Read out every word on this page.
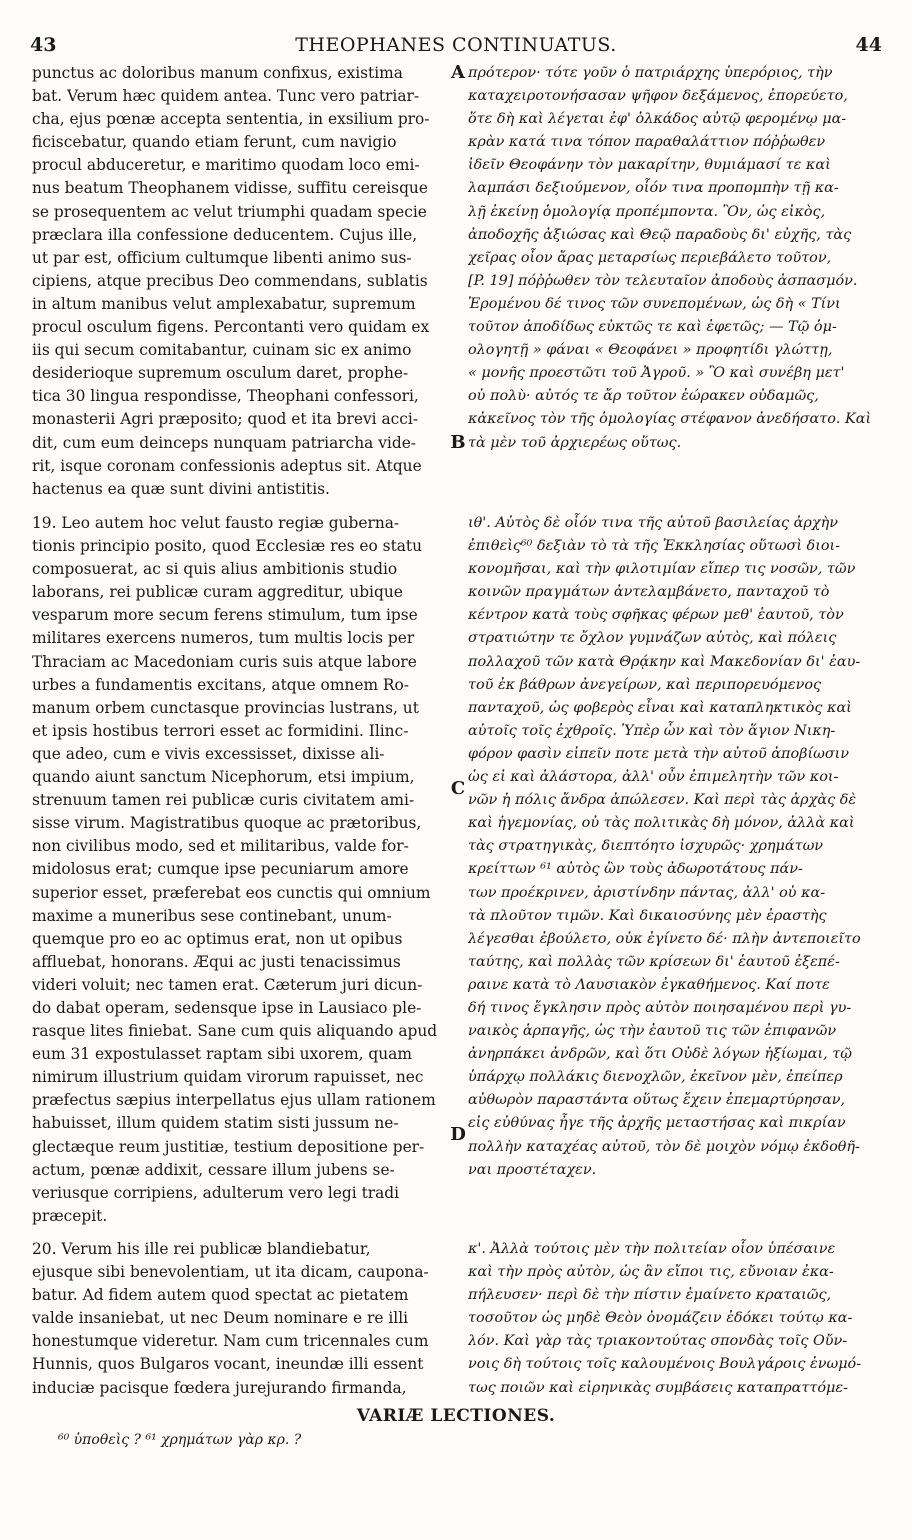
43	THEOPHANES CONTINUATUS.	44
A
B
C
D
punctus ac doloribus manum confixus, existima
bat. Verum hæc quidem antea. Tunc vero patriar-
cha, ejus pœnæ accepta sententia, in exsilium pro-
ficiscebatur, quando etiam ferunt, cum navigio
procul abduceretur, e maritimo quodam loco emi-
nus beatum Theophanem vidisse, suffitu cereisque
se prosequentem ac velut triumphi quadam specie
præclara illa confessione deducentem. Cujus ille,
ut par est, officium cultumque libenti animo sus-
cipiens, atque precibus Deo commendans, sublatis
in altum manibus velut amplexabatur, supremum
procul osculum figens. Percontanti vero quidam ex
iis qui secum comitabantur, cuinam sic ex animo
desiderioque supremum osculum daret, prophe-
tica 30 lingua respondisse, Theophani confessori,
monasterii Agri præposito; quod et ita brevi acci-
dit, cum eum deinceps nunquam patriarcha vide-
rit, isque coronam confessionis adeptus sit. Atque
hactenus ea quæ sunt divini antistitis.
19. Leo autem hoc velut fausto regiæ guberna-
tionis principio posito, quod Ecclesiæ res eo statu
composuerat, ac si quis alius ambitionis studio
laborans, rei publicæ curam aggreditur, ubique
vesparum more secum ferens stimulum, tum ipse
militares exercens numeros, tum multis locis per
Thraciam ac Macedoniam curis suis atque labore
urbes a fundamentis excitans, atque omnem Ro-
manum orbem cunctasque provincias lustrans, ut
et ipsis hostibus terrori esset ac formidini. Ilinc-
que adeo, cum e vivis excessisset, dixisse ali-
quando aiunt sanctum Nicephorum, etsi impium,
strenuum tamen rei publicæ curis civitatem ami-
sisse virum. Magistratibus quoque ac prætoribus,
non civilibus modo, sed et militaribus, valde for-
midolosus erat; cumque ipse pecuniarum amore
superior esset, præferebat eos cunctis qui omnium
maxime a muneribus sese continebant, unum-
quemque pro eo ac optimus erat, non ut opibus
affluebat, honorans. Æqui ac justi tenacissimus
videri voluit; nec tamen erat. Cæterum juri dicun-
do dabat operam, sedensque ipse in Lausiaco ple-
rasque lites finiebat. Sane cum quis aliquando apud
eum 31 expostulasset raptam sibi uxorem, quam
nimirum illustrium quidam virorum rapuisset, nec
præfectus sæpius interpellatus ejus ullam rationem
habuisset, illum quidem statim sisti jussum ne-
glectæque reum justitiæ, testium depositione per-
actum, pœnæ addixit, cessare illum jubens se-
veriusque corripiens, adulterum vero legi tradi
præcepit.
20. Verum his ille rei publicæ blandiebatur,
ejusque sibi benevolentiam, ut ita dicam, caupona-
batur. Ad fidem autem quod spectat ac pietatem
valde insaniebat, ut nec Deum nominare e re illi
honestumque videretur. Nam cum tricennales cum
Hunnis, quos Bulgaros vocant, ineundæ illi essent
induciæ pacisque fœdera jurejurando firmanda,
πρότερον· τότε γοῦν ὁ πατριάρχης ὑπερόριος, τὴν
καταχειροτονήσασαν ψῆφον δεξάμενος, ἐπορεύετο,
ὅτε δὴ καὶ λέγεται ἐφ' ὁλκάδος αὐτῷ φερομένῳ μα-
κρὰν κατά τινα τόπον παραθαλάττιον πόῤῥωθεν
ἰδεῖν Θεοφάνην τὸν μακαρίτην, θυμιάμασί τε καὶ
λαμπάσι δεξιούμενον, οἷόν τινα προπομπὴν τῇ κα-
λῇ ἐκείνῃ ὁμολογίᾳ προπέμποντα. Ὃν, ὡς εἰκὸς,
ἀποδοχῆς ἀξιώσας καὶ Θεῷ παραδοὺς δι' εὐχῆς, τὰς
χεῖρας οἷον ἄρας μεταρσίως περιεβάλετο τοῦτον,
[P. 19] πόῤῥωθεν τὸν τελευταῖον ἀποδοὺς ἀσπασμόν.
Ἐρομένου δέ τινος τῶν συνεπομένων, ὡς δὴ « Τίνι
τοῦτον ἀποδίδως εὐκτῶς τε καὶ ἐφετῶς; — Τῷ ὁμ-
ολογητῇ » φάναι « Θεοφάνει » προφητίδι γλώττῃ,
« μονῆς προεστῶτι τοῦ Ἀγροῦ. » Ὃ καὶ συνέβη μετ'
οὐ πολὺ· αὐτός τε ἄρ τοῦτον ἑώρακεν οὐδαμῶς,
κἀκεῖνος τὸν τῆς ὁμολογίας στέφανον ἀνεδήσατο. Καὶ
τὰ μὲν τοῦ ἀρχιερέως οὕτως.
ιθ'. Αὐτὸς δὲ οἷόν τινα τῆς αὐτοῦ βασιλείας ἀρχὴν
ἐπιθεὶς⁶⁰ δεξιὰν τὸ τὰ τῆς Ἐκκλησίας οὕτωσὶ διοι-
κονομῆσαι, καὶ τὴν φιλοτιμίαν εἴπερ τις νοσῶν, τῶν
κοινῶν πραγμάτων ἀντελαμβάνετο, πανταχοῦ τὸ
κέντρον κατὰ τοὺς σφῆκας φέρων μεθ' ἑαυτοῦ, τὸν
στρατιώτην τε ὄχλον γυμνάζων αὐτὸς, καὶ πόλεις
πολλαχοῦ τῶν κατὰ Θρᾴκην καὶ Μακεδονίαν δι' ἑαυ-
τοῦ ἐκ βάθρων ἀνεγείρων, καὶ περιπορευόμενος
πανταχοῦ, ὡς φοβερὸς εἶναι καὶ καταπληκτικὸς καὶ
αὐτοῖς τοῖς ἐχθροῖς. Ὑπὲρ ὧν καὶ τὸν ἅγιον Νικη-
φόρον φασὶν εἰπεῖν ποτε μετὰ τὴν αὐτοῦ ἀποβίωσιν
ὡς εἰ καὶ ἀλάστορα, ἀλλ' οὖν ἐπιμελητὴν τῶν κοι-
νῶν ἡ πόλις ἄνδρα ἀπώλεσεν. Καὶ περὶ τὰς ἀρχὰς δὲ
καὶ ἡγεμονίας, οὐ τὰς πολιτικὰς δὴ μόνον, ἀλλὰ καὶ
τὰς στρατηγικὰς, διεπτόητο ἰσχυρῶς· χρημάτων
κρείττων ⁶¹ αὐτὸς ὢν τοὺς ἀδωροτάτους πάν-
των προέκρινεν, ἀριστίνδην πάντας, ἀλλ' οὐ κα-
τὰ πλοῦτον τιμῶν. Καὶ δικαιοσύνης μὲν ἐραστὴς
λέγεσθαι ἐβούλετο, οὐκ ἐγίνετο δέ· πλὴν ἀντεποιεῖτο
ταύτης, καὶ πολλὰς τῶν κρίσεων δι' ἑαυτοῦ ἐξεπέ-
ραινε κατὰ τὸ Λαυσιακὸν ἐγκαθήμενος. Καί ποτε
δή τινος ἔγκλησιν πρὸς αὐτὸν ποιησαμένου περὶ γυ-
ναικὸς ἁρπαγῆς, ὡς τὴν ἑαυτοῦ τις τῶν ἐπιφανῶν
ἀνηρπάκει ἀνδρῶν, καὶ ὅτι Οὐδὲ λόγων ἠξίωμαι, τῷ
ὑπάρχῳ πολλάκις διενοχλῶν, ἐκεῖνον μὲν, ἐπείπερ
αὐθωρὸν παραστάντα οὕτως ἔχειν ἐπεμαρτύρησαν,
εἰς εὐθύνας ἦγε τῆς ἀρχῆς μεταστήσας καὶ πικρίαν
πολλὴν καταχέας αὐτοῦ, τὸν δὲ μοιχὸν νόμῳ ἐκδοθῆ-
ναι προστέταχεν.
κ'. Ἀλλὰ τούτοις μὲν τὴν πολιτείαν οἷον ὑπέσαινε
καὶ τὴν πρὸς αὐτὸν, ὡς ἂν εἴποι τις, εὔνοιαν ἐκα-
πήλευσεν· περὶ δὲ τὴν πίστιν ἐμαίνετο κραταιῶς,
τοσοῦτον ὡς μηδὲ Θεὸν ὀνομάζειν ἐδόκει τούτῳ κα-
λόν. Καὶ γὰρ τὰς τριακοντούτας σπονδὰς τοῖς Οὔν-
νοις δὴ τούτοις τοῖς καλουμένοις Βουλγάροις ἐνωμό-
τως ποιῶν καὶ εἰρηνικὰς συμβάσεις καταπραττόμε-
VARIÆ LECTIONES.
⁶⁰ ὑποθεὶς ? ⁶¹ χρημάτων γὰρ κρ. ?
